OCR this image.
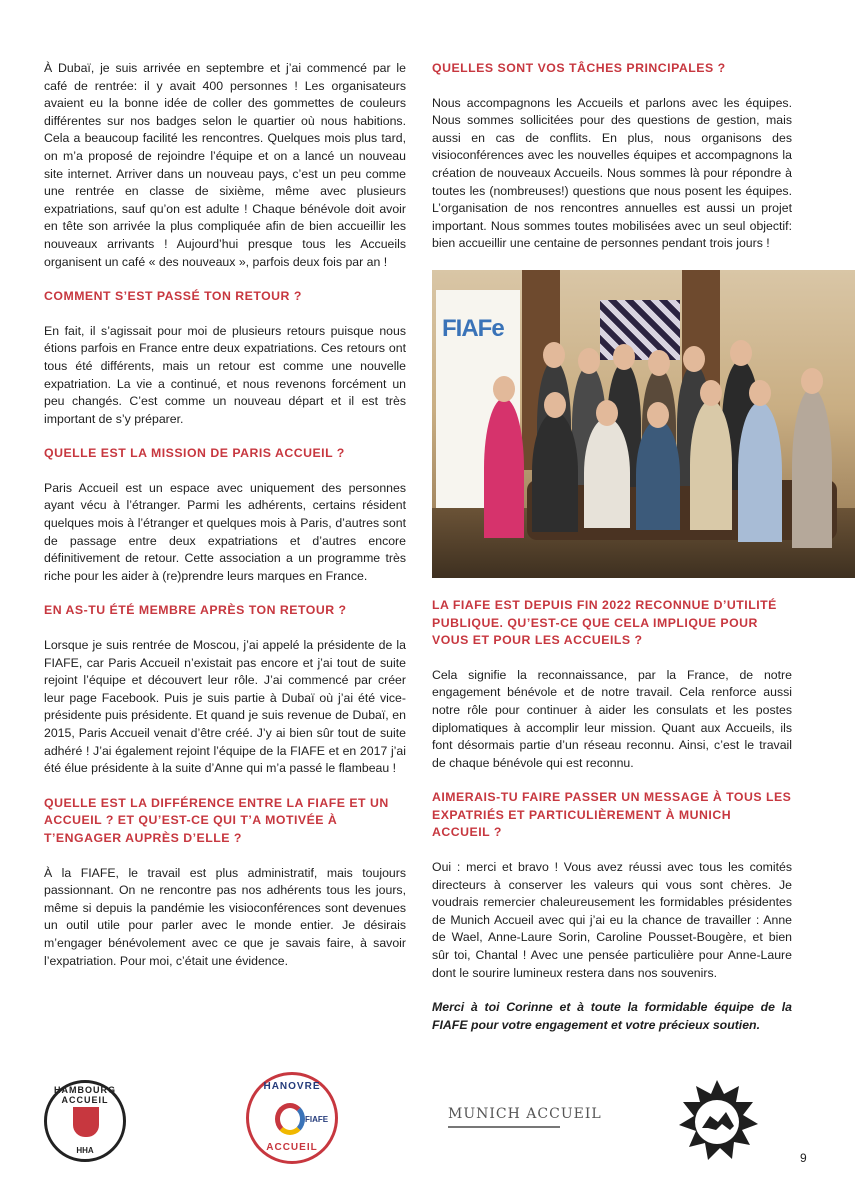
À Dubaï, je suis arrivée en septembre et j’ai commencé par le café de rentrée: il y avait 400 personnes ! Les organisateurs avaient eu la bonne idée de coller des gommettes de couleurs différentes sur nos badges selon le quartier où nous habitions. Cela a beaucoup facilité les rencontres. Quelques mois plus tard, on m’a proposé de rejoindre l’équipe et on a lancé un nouveau site internet. Arriver dans un nouveau pays, c’est un peu comme une rentrée en classe de sixième, même avec plusieurs expatriations, sauf qu’on est adulte ! Chaque bénévole doit avoir en tête son arrivée la plus compliquée afin de bien accueillir les nouveaux arrivants ! Aujourd’hui presque tous les Accueils organisent un café « des nouveaux », parfois deux fois par an !

COMMENT S’EST PASSÉ TON RETOUR ?

En fait, il s’agissait pour moi de plusieurs retours puisque nous étions parfois en France entre deux expatriations. Ces retours ont tous été différents, mais un retour est comme une nouvelle expatriation. La vie a continué, et nous revenons forcément un peu changés. C’est comme un nouveau départ et il est très important de s’y préparer.

QUELLE EST LA MISSION DE PARIS ACCUEIL ?

Paris Accueil est un espace avec uniquement des personnes ayant vécu à l’étranger. Parmi les adhérents, certains résident quelques mois à l’étranger et quelques mois à Paris, d’autres sont de passage entre deux expatriations et d’autres encore définitivement de retour. Cette association a un programme très riche pour les aider à (re)prendre leurs marques en France.

EN AS-TU ÉTÉ MEMBRE APRÈS TON RETOUR ?

Lorsque je suis rentrée de Moscou, j’ai appelé la présidente de la FIAFE, car Paris Accueil n’existait pas encore et j’ai tout de suite rejoint l’équipe et découvert leur rôle. J’ai commencé par créer leur page Facebook. Puis je suis partie à Dubaï où j’ai été vice-présidente puis présidente. Et quand je suis revenue de Dubaï, en 2015, Paris Accueil venait d’être créé. J’y ai bien sûr tout de suite adhéré ! J’ai également rejoint l’équipe de la FIAFE et en 2017 j’ai été élue présidente à la suite d’Anne qui m’a passé le flambeau !

QUELLE EST LA DIFFÉRENCE ENTRE LA FIAFE ET UN ACCUEIL ? ET QU’EST-CE QUI T’A MOTIVÉE À T’ENGAGER AUPRÈS D’ELLE ?

À la FIAFE, le travail est plus administratif, mais toujours passionnant. On ne rencontre pas nos adhérents tous les jours, même si depuis la pandémie les visioconférences sont devenues un outil utile pour parler avec le monde entier. Je désirais m’engager bénévolement avec ce que je savais faire, à savoir l’expatriation. Pour moi, c’était une évidence.

QUELLES SONT VOS TÂCHES PRINCIPALES ?

Nous accompagnons les Accueils et parlons avec les équipes. Nous sommes sollicitées pour des questions de gestion, mais aussi en cas de conflits. En plus, nous organisons des visioconférences avec les nouvelles équipes et accompagnons la création de nouveaux Accueils. Nous sommes là pour répondre à toutes les (nombreuses!) questions que nous posent les équipes. L’organisation de nos rencontres annuelles est aussi un projet important. Nous sommes toutes mobilisées avec un seul objectif: bien accueillir une centaine de personnes pendant trois jours !

FIAFe
LA FIAFE EST DEPUIS FIN 2022 RECONNUE D’UTILITÉ PUBLIQUE. QU’EST-CE QUE CELA IMPLIQUE POUR VOUS ET POUR LES ACCUEILS ?

Cela signifie la reconnaissance, par la France, de notre engagement bénévole et de notre travail. Cela renforce aussi notre rôle pour continuer à aider les consulats et les postes diplomatiques à accomplir leur mission. Quant aux Accueils, ils font désormais partie d’un réseau reconnu. Ainsi, c’est le travail de chaque bénévole qui est reconnu.

AIMERAIS-TU FAIRE PASSER UN MESSAGE À TOUS LES EXPATRIÉS ET PARTICULIÈREMENT À MUNICH ACCUEIL ?

Oui : merci et bravo ! Vous avez réussi avec tous les comités directeurs à conserver les valeurs qui vous sont chères. Je voudrais remercier chaleureusement les formidables présidentes de Munich Accueil avec qui j’ai eu la chance de travailler : Anne de Wael, Anne-Laure Sorin, Caroline Pousset-Bougère, et bien sûr toi, Chantal ! Avec une pensée particulière pour Anne-Laure dont le sourire lumineux restera dans nos souvenirs.

Merci à toi Corinne et à toute la formidable équipe de la FIAFE pour votre engagement et votre précieux soutien.

HAMBOURG ACCUEIL
HHA
HANOVRE
FIAFE
ACCUEIL
MUNICH ACCUEIL
9
